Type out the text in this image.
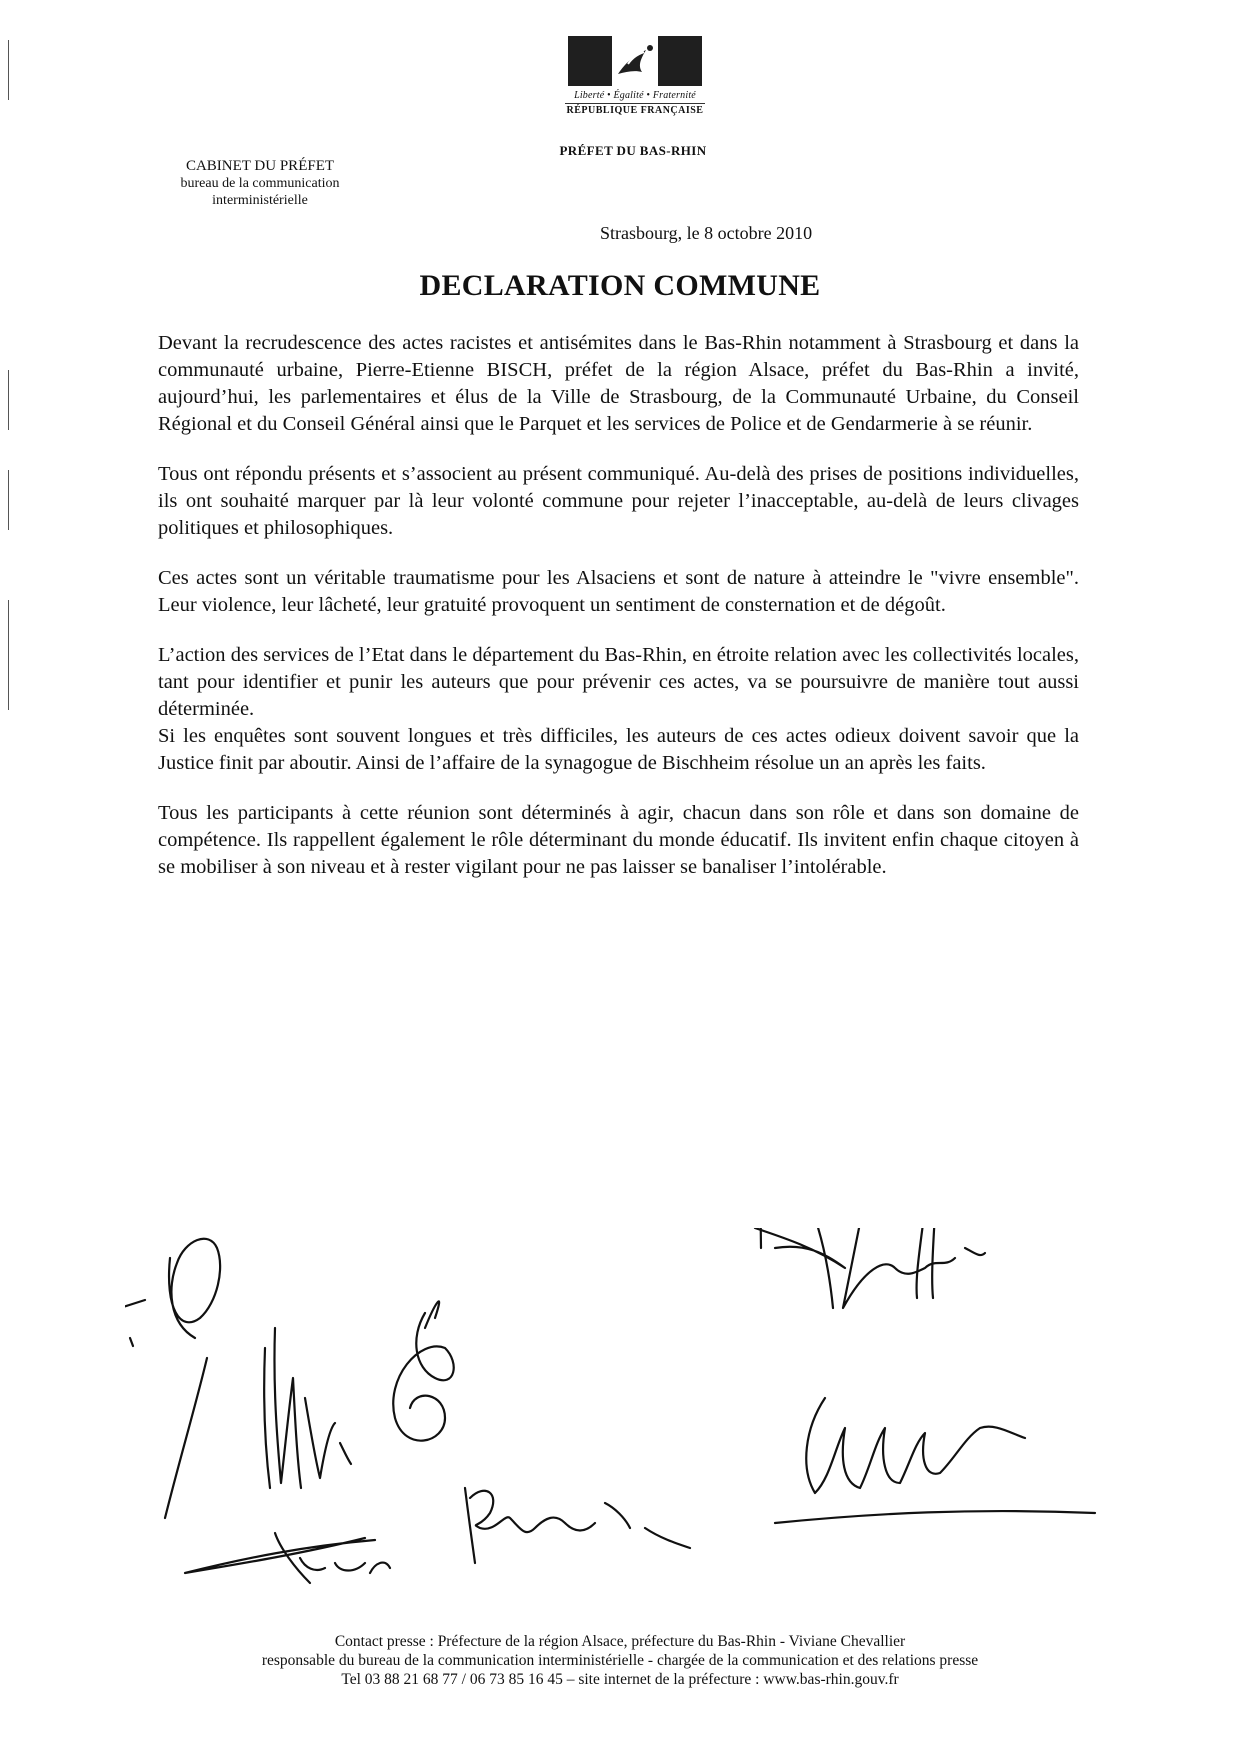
Liberté • Égalité • Fraternité
RÉPUBLIQUE FRANÇAISE
PRÉFET DU BAS-RHIN
CABINET DU PRÉFET
bureau de la communication
interministérielle
Strasbourg, le 8 octobre 2010
DECLARATION COMMUNE

Devant la recrudescence des actes racistes et antisémites dans le Bas-Rhin notamment à Strasbourg et dans la communauté urbaine, Pierre-Etienne BISCH, préfet de la région Alsace, préfet du Bas-Rhin a invité, aujourd’hui, les parlementaires et élus de la Ville de Strasbourg, de la Communauté Urbaine, du Conseil Régional et du Conseil Général ainsi que le Parquet et les services de Police et de Gendarmerie à se réunir.

Tous ont répondu présents et s’associent au présent communiqué. Au-delà des prises de positions individuelles, ils ont souhaité marquer par là leur volonté commune pour rejeter l’inacceptable, au-delà de leurs clivages politiques et philosophiques.

Ces actes sont un véritable traumatisme pour les Alsaciens et sont de nature à atteindre le "vivre ensemble". Leur violence, leur lâcheté, leur gratuité provoquent un sentiment de consternation et de dégoût.

L’action des services de l’Etat dans le département du Bas-Rhin, en étroite relation avec les collectivités locales, tant pour identifier et punir les auteurs que pour prévenir ces actes, va se poursuivre de manière tout aussi déterminée.

Si les enquêtes sont souvent longues et très difficiles, les auteurs de ces actes odieux doivent savoir que la Justice finit par aboutir. Ainsi de l’affaire de la synagogue de Bischheim résolue un an après les faits.

Tous les participants à cette réunion sont déterminés à agir, chacun dans son rôle et dans son domaine de compétence. Ils rappellent également le rôle déterminant du monde éducatif. Ils invitent enfin chaque citoyen à se mobiliser à son niveau et à rester vigilant pour ne pas laisser se banaliser l’intolérable.

Contact presse : Préfecture de la région Alsace, préfecture du Bas-Rhin - Viviane Chevallier
responsable du bureau de la communication interministérielle - chargée de la communication et des relations presse
Tel 03 88 21 68 77 / 06 73 85 16 45 – site internet de la préfecture : www.bas-rhin.gouv.fr
